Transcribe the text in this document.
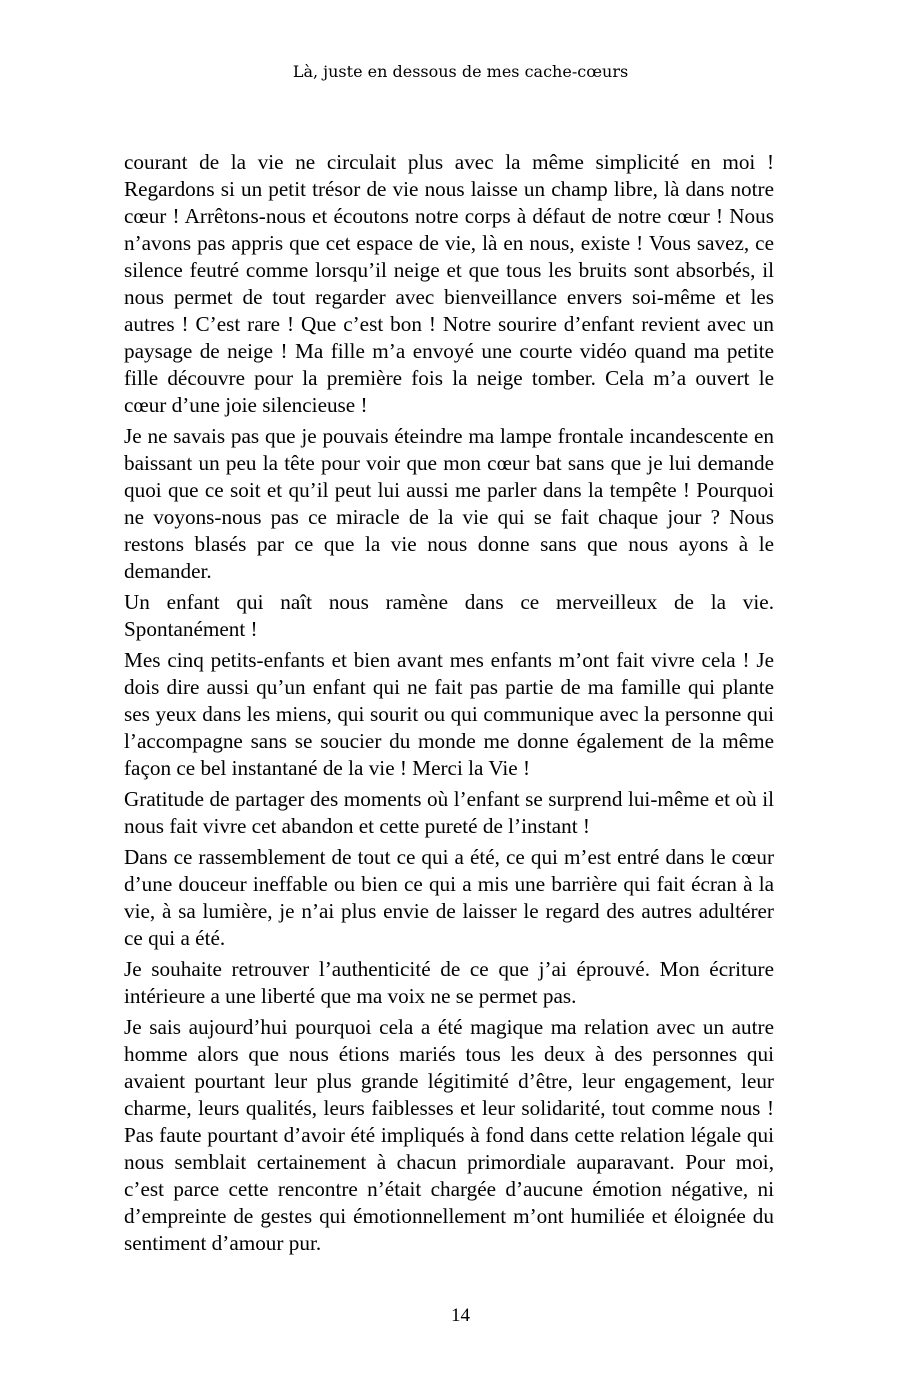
Là, juste en dessous de mes cache-cœurs

courant de la vie ne circulait plus avec la même simplicité en moi ! Regardons si un petit trésor de vie nous laisse un champ libre, là dans notre cœur ! Arrêtons-nous et écoutons notre corps à défaut de notre cœur ! Nous n’avons pas appris que cet espace de vie, là en nous, existe ! Vous savez, ce silence feutré comme lorsqu’il neige et que tous les bruits sont absorbés, il nous permet de tout regarder avec bienveillance envers soi-même et les autres ! C’est rare ! Que c’est bon ! Notre sourire d’enfant revient avec un paysage de neige ! Ma fille m’a envoyé une courte vidéo quand ma petite fille découvre pour la première fois la neige tomber. Cela m’a ouvert le cœur d’une joie silencieuse !

Je ne savais pas que je pouvais éteindre ma lampe frontale incandescente en baissant un peu la tête pour voir que mon cœur bat sans que je lui demande quoi que ce soit et qu’il peut lui aussi me parler dans la tempête ! Pourquoi ne voyons-nous pas ce miracle de la vie qui se fait chaque jour ? Nous restons blasés par ce que la vie nous donne sans que nous ayons à le demander.

Un enfant qui naît nous ramène dans ce merveilleux de la vie. Spontanément !

Mes cinq petits-enfants et bien avant mes enfants m’ont fait vivre cela ! Je dois dire aussi qu’un enfant qui ne fait pas partie de ma famille qui plante ses yeux dans les miens, qui sourit ou qui communique avec la personne qui l’accompagne sans se soucier du monde me donne également de la même façon ce bel instantané de la vie ! Merci la Vie !

Gratitude de partager des moments où l’enfant se surprend lui-même et où il nous fait vivre cet abandon et cette pureté de l’instant !

Dans ce rassemblement de tout ce qui a été, ce qui m’est entré dans le cœur d’une douceur ineffable ou bien ce qui a mis une barrière qui fait écran à la vie, à sa lumière, je n’ai plus envie de laisser le regard des autres adultérer ce qui a été.

Je souhaite retrouver l’authenticité de ce que j’ai éprouvé. Mon écriture intérieure a une liberté que ma voix ne se permet pas.

Je sais aujourd’hui pourquoi cela a été magique ma relation avec un autre homme alors que nous étions mariés tous les deux à des personnes qui avaient pourtant leur plus grande légitimité d’être, leur engagement, leur charme, leurs qualités, leurs faiblesses et leur solidarité, tout comme nous ! Pas faute pourtant d’avoir été impliqués à fond dans cette relation légale qui nous semblait certainement à chacun primordiale auparavant. Pour moi, c’est parce cette rencontre n’était chargée d’aucune émotion négative, ni d’empreinte de gestes qui émotionnellement m’ont humiliée et éloignée du sentiment d’amour pur.

14
